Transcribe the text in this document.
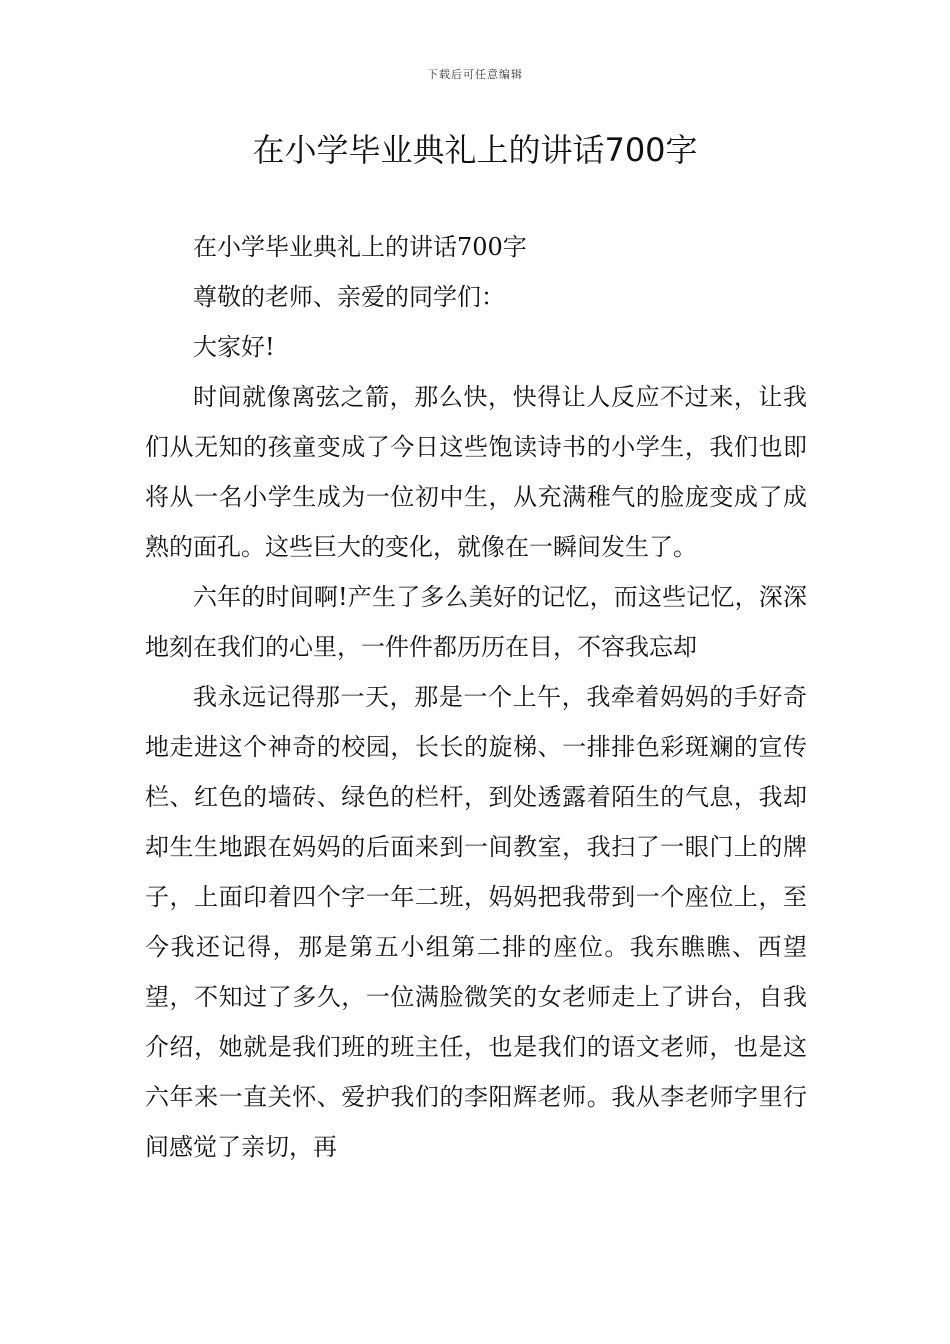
下载后可任意编辑
在小学毕业典礼上的讲话700字

在小学毕业典礼上的讲话700字

尊敬的老师、亲爱的同学们：

大家好!

时间就像离弦之箭，那么快，快得让人反应不过来，让我们从无知的孩童变成了今日这些饱读诗书的小学生，我们也即将从一名小学生成为一位初中生，从充满稚气的脸庞变成了成熟的面孔。这些巨大的变化，就像在一瞬间发生了。

六年的时间啊!产生了多么美好的记忆，而这些记忆，深深地刻在我们的心里，一件件都历历在目，不容我忘却

我永远记得那一天，那是一个上午，我牵着妈妈的手好奇地走进这个神奇的校园，长长的旋梯、一排排色彩斑斓的宣传栏、红色的墙砖、绿色的栏杆，到处透露着陌生的气息，我却却生生地跟在妈妈的后面来到一间教室，我扫了一眼门上的牌子，上面印着四个字一年二班，妈妈把我带到一个座位上，至今我还记得，那是第五小组第二排的座位。我东瞧瞧、西望望，不知过了多久，一位满脸微笑的女老师走上了讲台，自我介绍，她就是我们班的班主任，也是我们的语文老师，也是这六年来一直关怀、爱护我们的李阳辉老师。我从李老师字里行间感觉了亲切，再
